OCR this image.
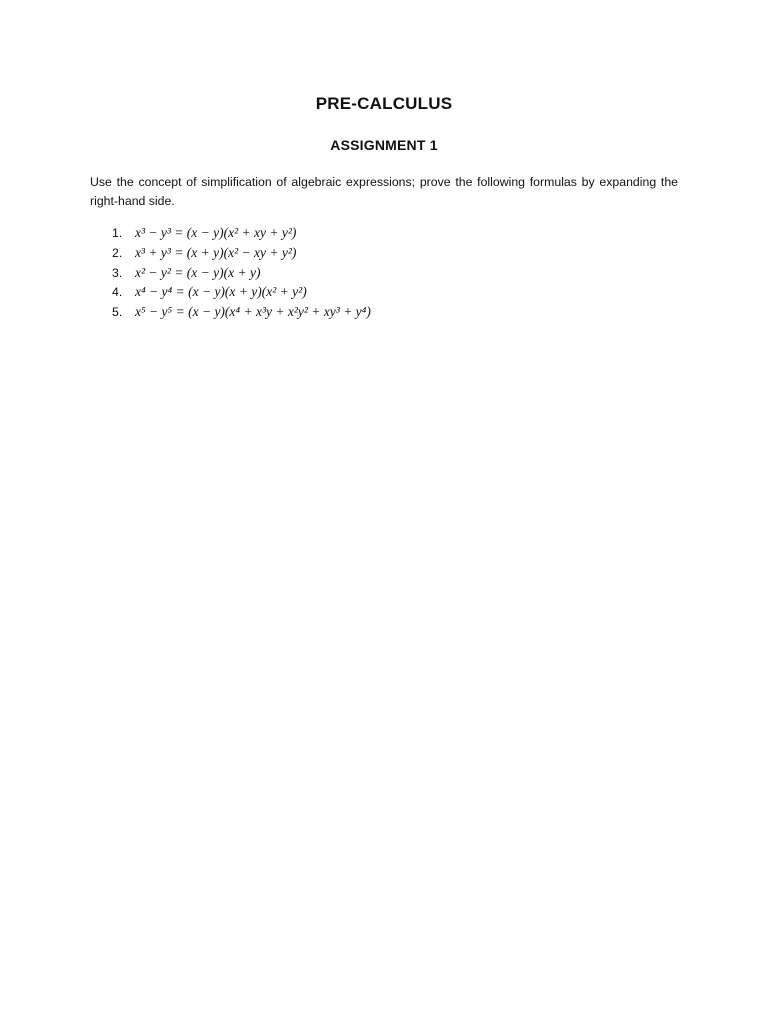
PRE-CALCULUS
ASSIGNMENT 1
Use the concept of simplification of algebraic expressions; prove the following formulas by expanding the right-hand side.
1. x³ − y³ = (x − y)(x² + xy + y²)
2. x³ + y³ = (x + y)(x² − xy + y²)
3. x² − y² = (x − y)(x + y)
4. x⁴ − y⁴ = (x − y)(x + y)(x² + y²)
5. x⁵ − y⁵ = (x − y)(x⁴ + x³y + x²y² + xy³ + y⁴)
